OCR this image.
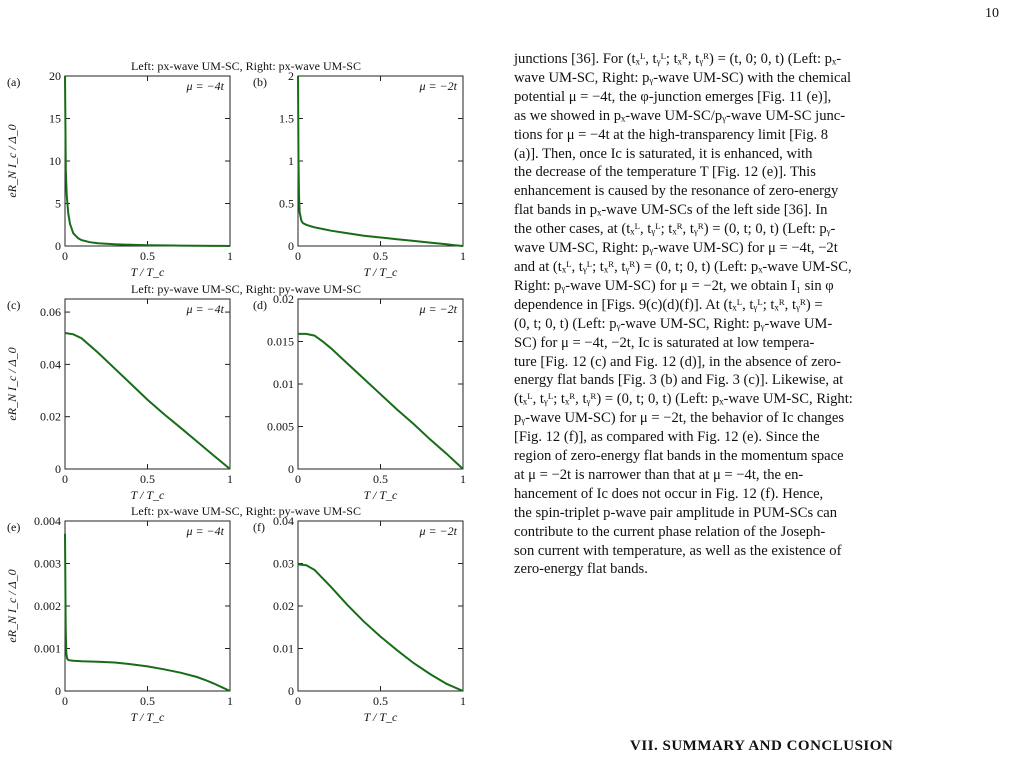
10
Left: px-wave UM-SC, Right: px-wave UM-SC
Left: py-wave UM-SC, Right: py-wave UM-SC
Left: px-wave UM-SC, Right: py-wave UM-SC
0	0.5	1
0
5
10
15
20
(a)	μ = −4t
T / T_c
eR_N I_c / Δ_0
0	0.5	1
0
0.5
1
1.5
2
(b)	μ = −2t
T / T_c
0	0.5	1
0
0.02
0.04
0.06
(c)	μ = −4t
T / T_c
eR_N I_c / Δ_0
0	0.5	1
0
0.005
0.01
0.015
0.02
(d)	μ = −2t
T / T_c
0	0.5	1
0
0.001
0.002
0.003
0.004
(e)	μ = −4t
T / T_c
eR_N I_c / Δ_0
0	0.5	1
0
0.01
0.02
0.03
0.04
(f)	μ = −2t
T / T_c

junctions [36]. For (tₓᴸ, tᵧᴸ; tₓᴿ, tᵧᴿ) = (t, 0; 0, t) (Left: pₓ-

wave UM-SC, Right: pᵧ-wave UM-SC) with the chemical

potential μ = −4t, the φ-junction emerges [Fig. 11 (e)],

as we showed in pₓ-wave UM-SC/pᵧ-wave UM-SC junc-

tions for μ = −4t at the high-transparency limit [Fig. 8

(a)]. Then, once Ic is saturated, it is enhanced, with

the decrease of the temperature T [Fig. 12 (e)]. This

enhancement is caused by the resonance of zero-energy

flat bands in pₓ-wave UM-SCs of the left side [36]. In

the other cases, at (tₓᴸ, tᵧᴸ; tₓᴿ, tᵧᴿ) = (0, t; 0, t) (Left: pᵧ-

wave UM-SC, Right: pᵧ-wave UM-SC) for μ = −4t, −2t

and at (tₓᴸ, tᵧᴸ; tₓᴿ, tᵧᴿ) = (0, t; 0, t) (Left: pₓ-wave UM-SC,

Right: pᵧ-wave UM-SC) for μ = −2t, we obtain I₁ sin φ

dependence in [Figs. 9(c)(d)(f)]. At (tₓᴸ, tᵧᴸ; tₓᴿ, tᵧᴿ) =

(0, t; 0, t) (Left: pᵧ-wave UM-SC, Right: pᵧ-wave UM-

SC) for μ = −4t, −2t, Ic is saturated at low tempera-

ture [Fig. 12 (c) and Fig. 12 (d)], in the absence of zero-

energy flat bands [Fig. 3 (b) and Fig. 3 (c)]. Likewise, at

(tₓᴸ, tᵧᴸ; tₓᴿ, tᵧᴿ) = (0, t; 0, t) (Left: pₓ-wave UM-SC, Right:

pᵧ-wave UM-SC) for μ = −2t, the behavior of Ic changes

[Fig. 12 (f)], as compared with Fig. 12 (e). Since the

region of zero-energy flat bands in the momentum space

at μ = −2t is narrower than that at μ = −4t, the en-

hancement of Ic does not occur in Fig. 12 (f). Hence,

the spin-triplet p-wave pair amplitude in PUM-SCs can

contribute to the current phase relation of the Joseph-

son current with temperature, as well as the existence of

zero-energy flat bands.

VII. SUMMARY AND CONCLUSION
